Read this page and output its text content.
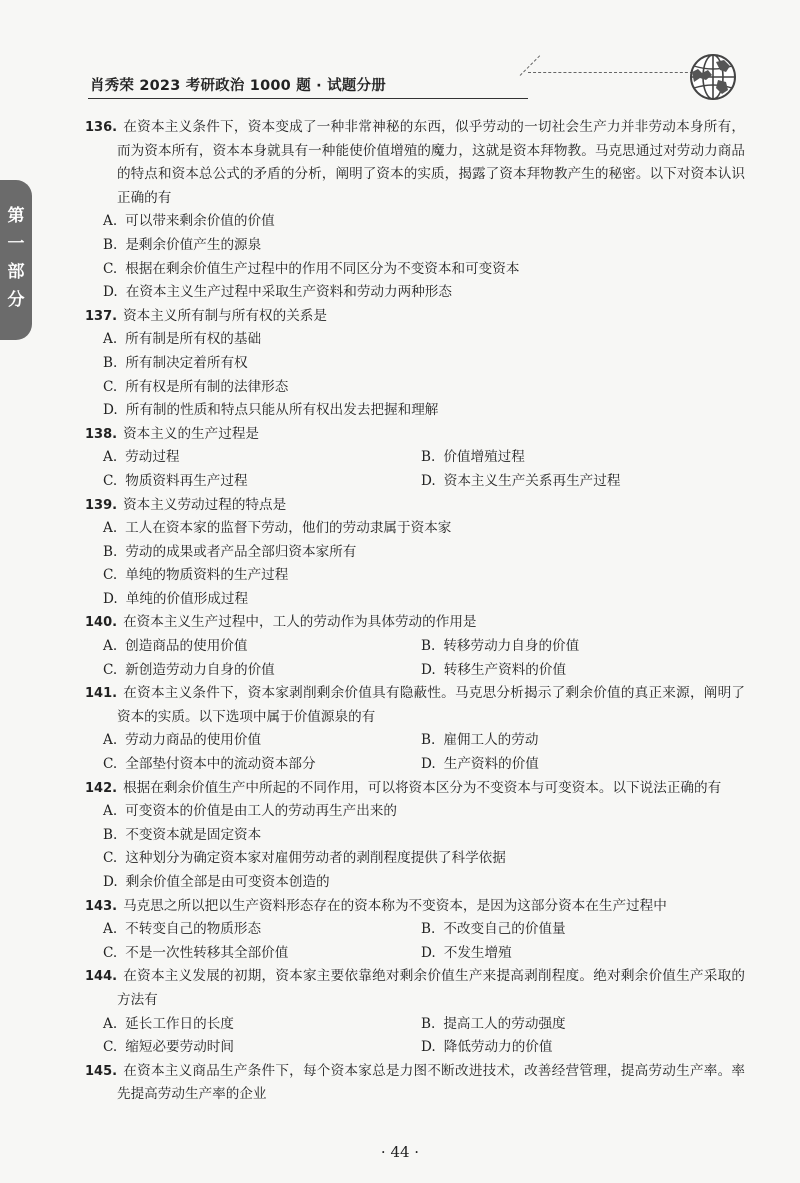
肖秀荣 2023 考研政治 1000 题 · 试题分册
第
一
部
分
136. 在资本主义条件下，资本变成了一种非常神秘的东西，似乎劳动的一切社会生产力并非劳动本身所有，而为资本所有，资本本身就具有一种能使价值增殖的魔力，这就是资本拜物教。马克思通过对劳动力商品的特点和资本总公式的矛盾的分析，阐明了资本的实质，揭露了资本拜物教产生的秘密。以下对资本认识正确的有
A. 可以带来剩余价值的价值
B. 是剩余价值产生的源泉
C. 根据在剩余价值生产过程中的作用不同区分为不变资本和可变资本
D. 在资本主义生产过程中采取生产资料和劳动力两种形态
137. 资本主义所有制与所有权的关系是
A. 所有制是所有权的基础
B. 所有制决定着所有权
C. 所有权是所有制的法律形态
D. 所有制的性质和特点只能从所有权出发去把握和理解
138. 资本主义的生产过程是
A. 劳动过程	B. 价值增殖过程
C. 物质资料再生产过程	D. 资本主义生产关系再生产过程
139. 资本主义劳动过程的特点是
A. 工人在资本家的监督下劳动，他们的劳动隶属于资本家
B. 劳动的成果或者产品全部归资本家所有
C. 单纯的物质资料的生产过程
D. 单纯的价值形成过程
140. 在资本主义生产过程中，工人的劳动作为具体劳动的作用是
A. 创造商品的使用价值	B. 转移劳动力自身的价值
C. 新创造劳动力自身的价值	D. 转移生产资料的价值
141. 在资本主义条件下，资本家剥削剩余价值具有隐蔽性。马克思分析揭示了剩余价值的真正来源，阐明了资本的实质。以下选项中属于价值源泉的有
A. 劳动力商品的使用价值	B. 雇佣工人的劳动
C. 全部垫付资本中的流动资本部分	D. 生产资料的价值
142. 根据在剩余价值生产中所起的不同作用，可以将资本区分为不变资本与可变资本。以下说法正确的有
A. 可变资本的价值是由工人的劳动再生产出来的
B. 不变资本就是固定资本
C. 这种划分为确定资本家对雇佣劳动者的剥削程度提供了科学依据
D. 剩余价值全部是由可变资本创造的
143. 马克思之所以把以生产资料形态存在的资本称为不变资本，是因为这部分资本在生产过程中
A. 不转变自己的物质形态	B. 不改变自己的价值量
C. 不是一次性转移其全部价值	D. 不发生增殖
144. 在资本主义发展的初期，资本家主要依靠绝对剩余价值生产来提高剥削程度。绝对剩余价值生产采取的方法有
A. 延长工作日的长度	B. 提高工人的劳动强度
C. 缩短必要劳动时间	D. 降低劳动力的价值
145. 在资本主义商品生产条件下，每个资本家总是力图不断改进技术，改善经营管理，提高劳动生产率。率先提高劳动生产率的企业
· 44 ·
